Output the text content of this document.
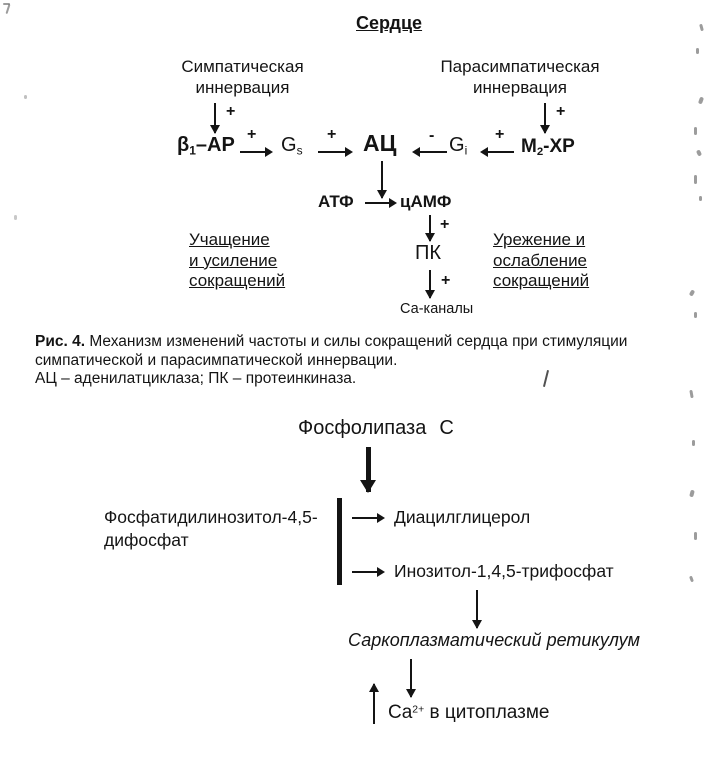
Сердце
Симпатическая
иннервация
Парасимпатическая
иннервация
+	+
$\beta_1-АР + G_s$
+ АЦ - $G_i$
+
$М_2-ХР$
АТФ	цАМФ
+
ПК
+
Са-каналы
Учащение
и усиление
сокращений
Урежение и
ослабление
сокращений
Рис. 4. Механизм изменений частоты и силы сокращений сердца при стимуляции
симпатической и парасимпатической иннервации.
АЦ – аденилатциклаза; ПК – протеинкиназа.
Фосфолипаза С
Фосфатидилинозитол-4,5-
дифосфат
Диацилглицерол
Инозитол-1,4,5-трифосфат
Саркоплазматический ретикулум
$Ca^{2+}$ в цитоплазме
